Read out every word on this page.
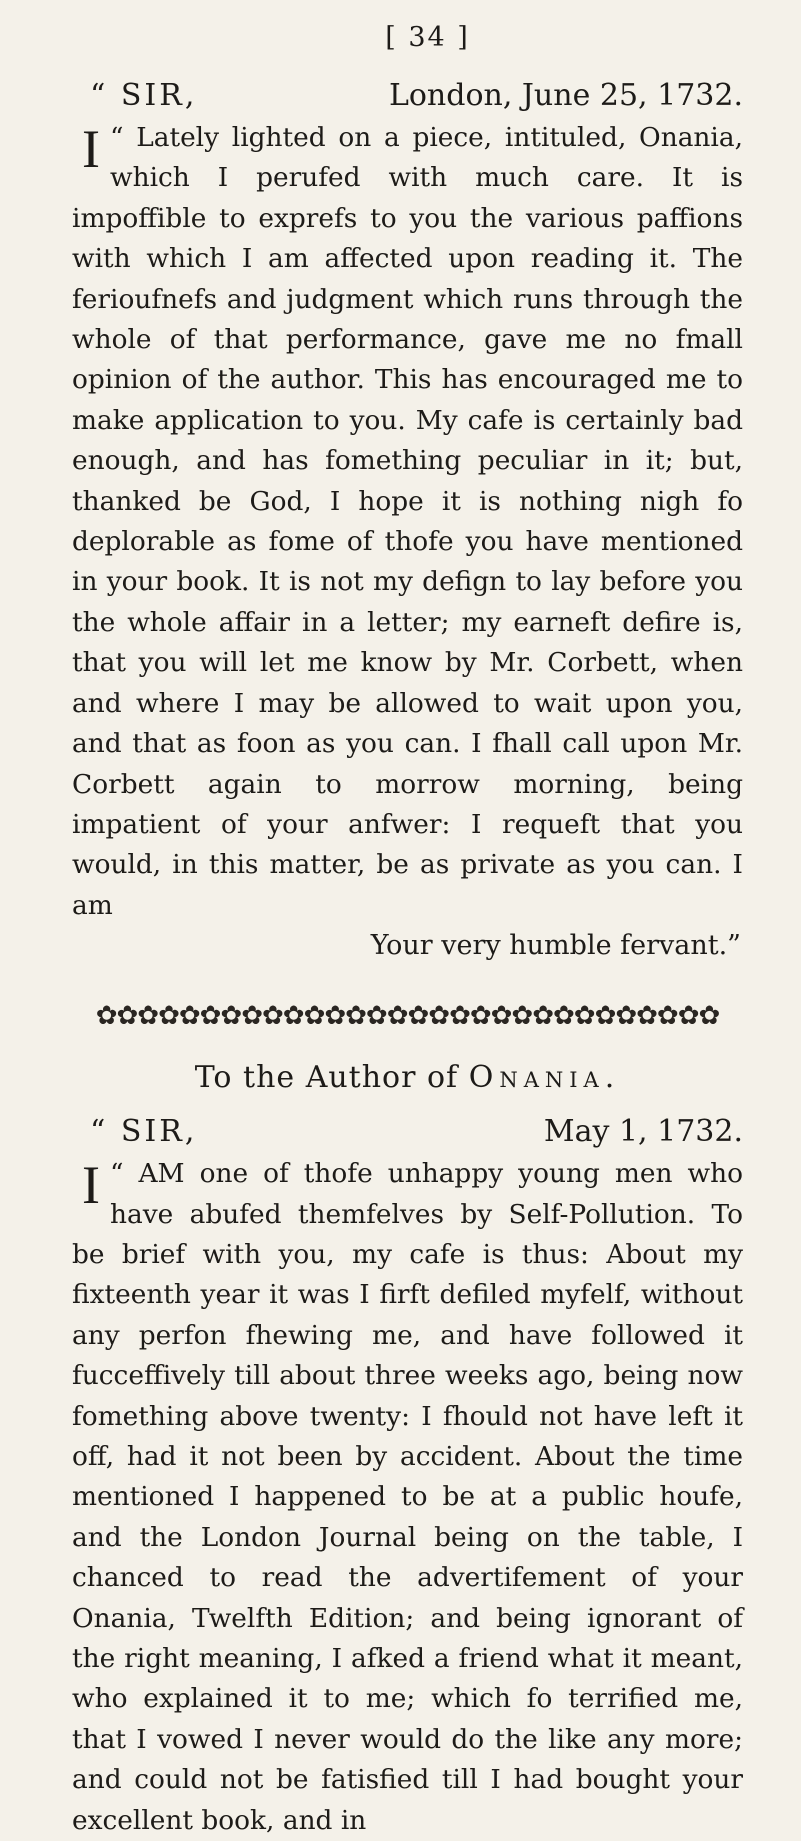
[ 34 ]
“ SIR,	London, June 25, 1732.

I “ Lately lighted on a piece, intituled, Onania, which I perufed with much care. It is impoffible to exprefs to you the various paffions with which I am affected upon reading it. The ferioufnefs and judgment which runs through the whole of that performance, gave me no fmall opinion of the author. This has encouraged me to make application to you. My cafe is certainly bad enough, and has fomething peculiar in it; but, thanked be God, I hope it is nothing nigh fo deplorable as fome of thofe you have mentioned in your book. It is not my defign to lay before you the whole affair in a letter; my earneft defire is, that you will let me know by Mr. Corbett, when and where I may be allowed to wait upon you, and that as foon as you can. I fhall call upon Mr. Corbett again to morrow morning, being impatient of your anfwer: I requeft that you would, in this matter, be as private as you can. I am

Your very humble fervant.”
✿✿✿✿✿✿✿✿✿✿✿✿✿✿✿✿✿✿✿✿✿✿✿✿✿✿✿✿✿✿
To the Author of Onania.
“ SIR,	May 1, 1732.

I “ AM one of thofe unhappy young men who have abufed themfelves by Self-Pollution. To be brief with you, my cafe is thus: About my fixteenth year it was I firft defiled myfelf, without any perfon fhewing me, and have followed it fucceffively till about three weeks ago, being now fomething above twenty: I fhould not have left it off, had it not been by accident. About the time mentioned I happened to be at a public houfe, and the London Journal being on the table, I chanced to read the advertifement of your Onania, Twelfth Edition; and being ignorant of the right meaning, I afked a friend what it meant, who explained it to me; which fo terrified me, that I vowed I never would do the like any more; and could not be fatisfied till I had bought your excellent book, and in
